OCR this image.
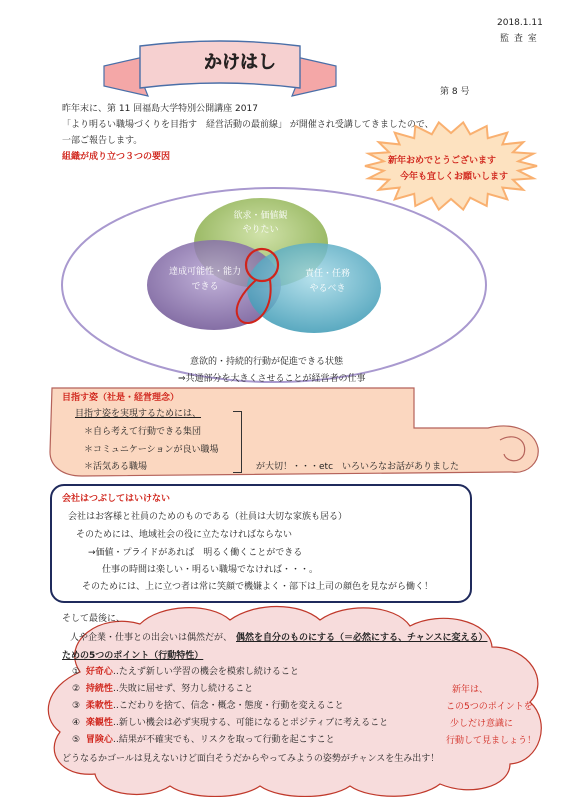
2018.1.11
監 査 室
かけはし
第 8 号
昨年末に、第 11 回福島大学特別公開講座 2017
「より明るい職場づくりを目指す　経営活動の最前線」 が開催され受講してきましたので、
一部ご報告します。
組織が成り立つ３つの要因	新年おめでとうございます
今年も宜しくお願いします
欲求・価値観
やりたい
達成可能性・能力
できる
責任・任務
やるべき
意欲的・持続的行動が促進できる状態
⇒共通部分を大きくさせることが経営者の仕事
目指す姿（社是・経営理念）
目指す姿を実現するためには、
＊自ら考えて行動できる集団
＊コミュニケーションが良い職場
＊活気ある職場	が大切！・・・etc　いろいろなお話がありました
会社はつぶしてはいけない
会社はお客様と社員のためのものである（社員は大切な家族も居る）
そのためには、地域社会の役に立たなければならない
→価値・プライドがあれば　明るく働くことができる
仕事の時間は楽しい・明るい職場でなければ・・・。
そのためには、上に立つ者は常に笑顔で機嫌よく・部下は上司の顔色を見ながら働く！
そして最後に、
人や企業・仕事との出会いは偶然だが、 偶然を自分のものにする（＝必然にする、チャンスに変える）
ための5つのポイント（行動特性）
① 好奇心‥たえず新しい学習の機会を模索し続けること
② 持続性‥失敗に屈せず、努力し続けること
③ 柔軟性‥こだわりを捨て、信念・概念・態度・行動を変えること
④ 楽観性‥新しい機会は必ず実現する、可能になるとポジティブに考えること
⑤ 冒険心‥結果が不確実でも、リスクを取って行動を起こすこと
新年は、
この5つのポイントを
少しだけ意識に
行動して見ましょう！
どうなるかゴールは見えないけど面白そうだからやってみようの姿勢がチャンスを生み出す！
